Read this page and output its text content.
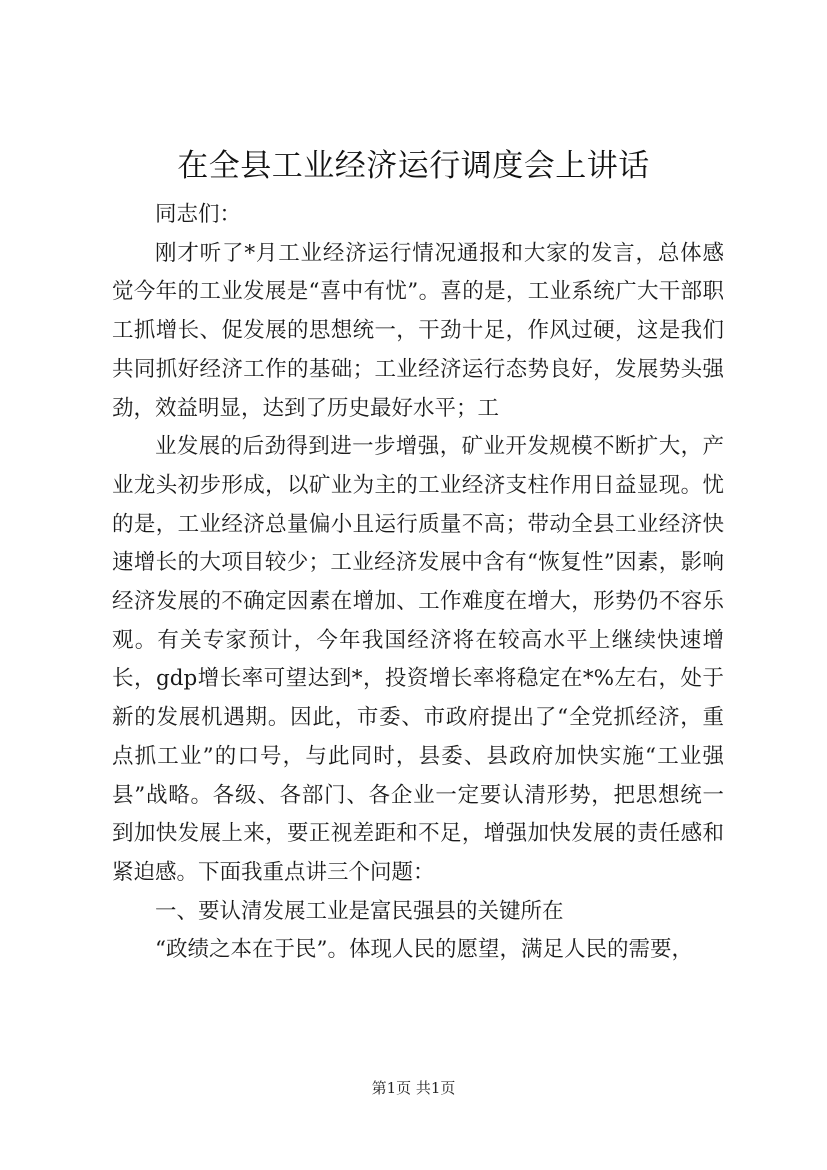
在全县工业经济运行调度会上讲话

同志们：

刚才听了*月工业经济运行情况通报和大家的发言，总体感觉今年的工业发展是“喜中有忧”。喜的是，工业系统广大干部职工抓增长、促发展的思想统一，干劲十足，作风过硬，这是我们共同抓好经济工作的基础；工业经济运行态势良好，发展势头强劲，效益明显，达到了历史最好水平；工

业发展的后劲得到进一步增强，矿业开发规模不断扩大，产业龙头初步形成，以矿业为主的工业经济支柱作用日益显现。忧的是，工业经济总量偏小且运行质量不高；带动全县工业经济快速增长的大项目较少；工业经济发展中含有“恢复性”因素，影响经济发展的不确定因素在增加、工作难度在增大，形势仍不容乐观。有关专家预计，今年我国经济将在较高水平上继续快速增长，gdp增长率可望达到*，投资增长率将稳定在*%左右，处于新的发展机遇期。因此，市委、市政府提出了“全党抓经济，重点抓工业”的口号，与此同时，县委、县政府加快实施“工业强县”战略。各级、各部门、各企业一定要认清形势，把思想统一到加快发展上来，要正视差距和不足，增强加快发展的责任感和紧迫感。下面我重点讲三个问题：

一、要认清发展工业是富民强县的关键所在

“政绩之本在于民”。体现人民的愿望，满足人民的需要，

第1页 共1页
